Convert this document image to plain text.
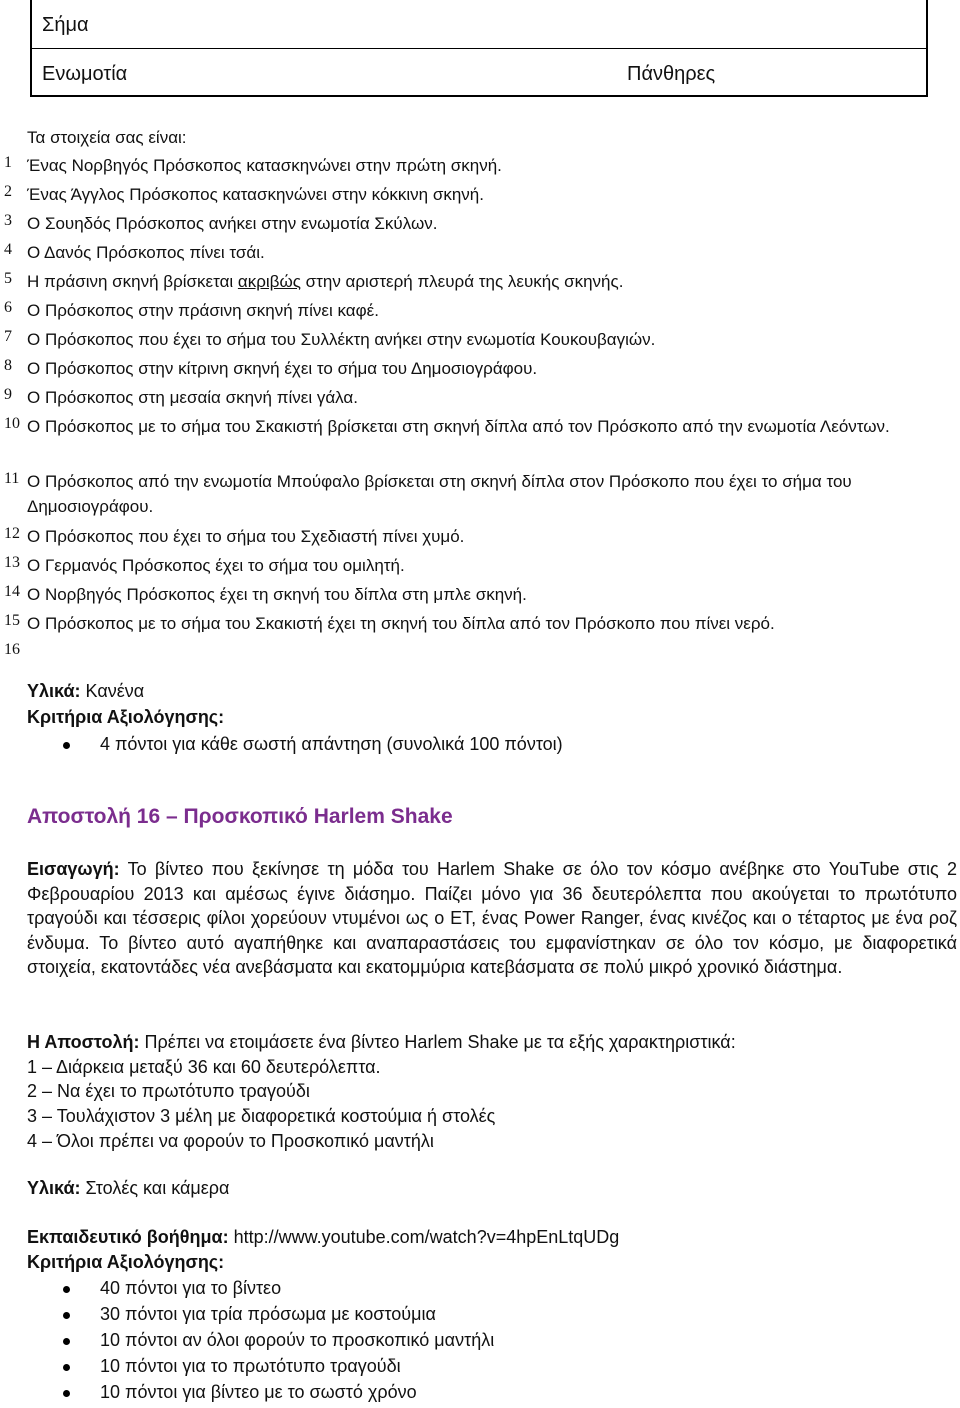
Σήμα
Ενωμοτία	Πάνθηρες
Τα στοιχεία σας είναι:
1 Ένας Νορβηγός Πρόσκοπος κατασκηνώνει στην πρώτη σκηνή.
2 Ένας Άγγλος Πρόσκοπος κατασκηνώνει στην κόκκινη σκηνή.
3 Ο Σουηδός Πρόσκοπος ανήκει στην ενωμοτία Σκύλων.
4 Ο Δανός Πρόσκοπος πίνει τσάι.
5 Η πράσινη σκηνή βρίσκεται ακριβώς στην αριστερή πλευρά της λευκής σκηνής.
6 Ο Πρόσκοπος στην πράσινη σκηνή πίνει καφέ.
7 Ο Πρόσκοπος που έχει το σήμα του Συλλέκτη ανήκει στην ενωμοτία Κουκουβαγιών.
8 Ο Πρόσκοπος στην κίτρινη σκηνή έχει το σήμα του Δημοσιογράφου.
9 Ο Πρόσκοπος στη μεσαία σκηνή πίνει γάλα.
10 Ο Πρόσκοπος με το σήμα του Σκακιστή βρίσκεται στη σκηνή δίπλα από τον Πρόσκοπο από την ενωμοτία Λεόντων.
11 Ο Πρόσκοπος από την ενωμοτία Μπούφαλο βρίσκεται στη σκηνή δίπλα στον Πρόσκοπο που έχει το σήμα του Δημοσιογράφου.
12 Ο Πρόσκοπος που έχει το σήμα του Σχεδιαστή πίνει χυμό.
13 Ο Γερμανός Πρόσκοπος έχει το σήμα του ομιλητή.
14 Ο Νορβηγός Πρόσκοπος έχει τη σκηνή του δίπλα στη μπλε σκηνή.
15 Ο Πρόσκοπος με το σήμα του Σκακιστή έχει τη σκηνή του δίπλα από τον Πρόσκοπο που πίνει νερό.
16
Υλικά: Κανένα
Κριτήρια Αξιολόγησης:
4 πόντοι για κάθε σωστή απάντηση (συνολικά 100 πόντοι)
Αποστολή 16 – Προσκοπικό Harlem Shake
Εισαγωγή: Το βίντεο που ξεκίνησε τη μόδα του Harlem Shake σε όλο τον κόσμο ανέβηκε στο YouTube στις 2 Φεβρουαρίου 2013 και αμέσως έγινε διάσημο. Παίζει μόνο για 36 δευτερόλεπτα που ακούγεται το πρωτότυπο τραγούδι και τέσσερις φίλοι χορεύουν ντυμένοι ως ο ET, ένας Power Ranger, ένας κινέζος και ο τέταρτος με ένα ροζ ένδυμα. Το βίντεο αυτό αγαπήθηκε και αναπαραστάσεις του εμφανίστηκαν σε όλο τον κόσμο, με διαφορετικά στοιχεία, εκατοντάδες νέα ανεβάσματα και εκατομμύρια κατεβάσματα σε πολύ μικρό χρονικό διάστημα.
Η Αποστολή: Πρέπει να ετοιμάσετε ένα βίντεο Harlem Shake με τα εξής χαρακτηριστικά:
1 – Διάρκεια μεταξύ 36 και 60 δευτερόλεπτα.
2 – Να έχει το πρωτότυπο τραγούδι
3 – Τουλάχιστον 3 μέλη με διαφορετικά κοστούμια ή στολές
4 – Όλοι πρέπει να φορούν το Προσκοπικό μαντήλι
Υλικά: Στολές και κάμερα
Εκπαιδευτικό βοήθημα: http://www.youtube.com/watch?v=4hpEnLtqUDg
Κριτήρια Αξιολόγησης:
40 πόντοι για το βίντεο
30 πόντοι για τρία πρόσωμα με κοστούμια
10 πόντοι αν όλοι φορούν το προσκοπικό μαντήλι
10 πόντοι για το πρωτότυπο τραγούδι
10 πόντοι για βίντεο με το σωστό χρόνο
